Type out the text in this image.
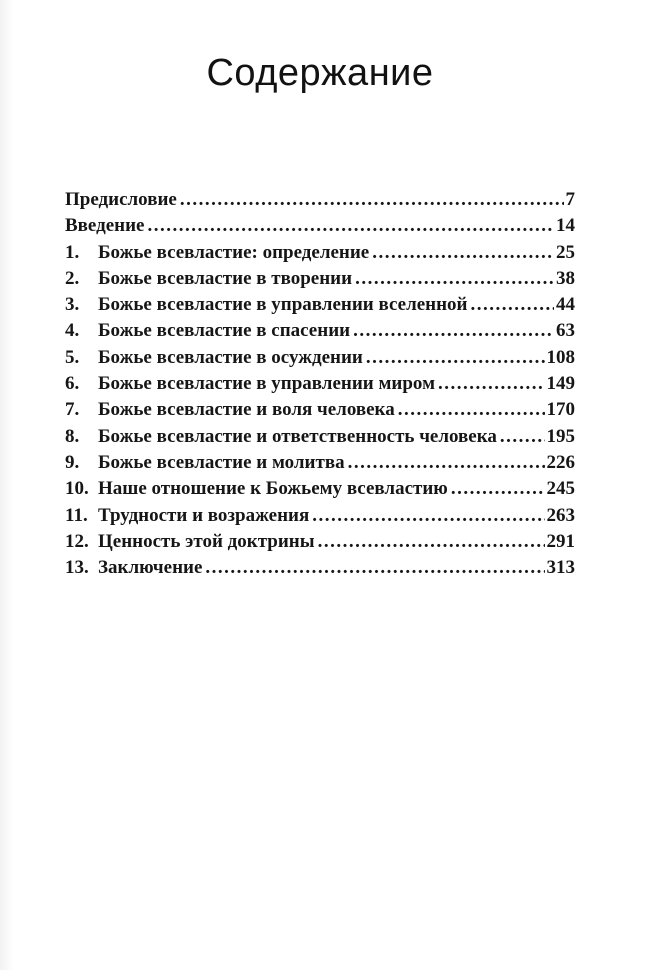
Содержание
Предисловие .....	7
Введение .....	14
1. Божье всевластие: определение .....	25
2. Божье всевластие в творении .....	38
3. Божье всевластие в управлении вселенной .....	44
4. Божье всевластие в спасении .....	63
5. Божье всевластие в осуждении .....	108
6. Божье всевластие в управлении миром .....	149
7. Божье всевластие и воля человека .....	170
8. Божье всевластие и ответственность человека .....	195
9. Божье всевластие и молитва .....	226
10. Наше отношение к Божьему всевластию .....	245
11. Трудности и возражения .....	263
12. Ценность этой доктрины .....	291
13. Заключение .....	313
